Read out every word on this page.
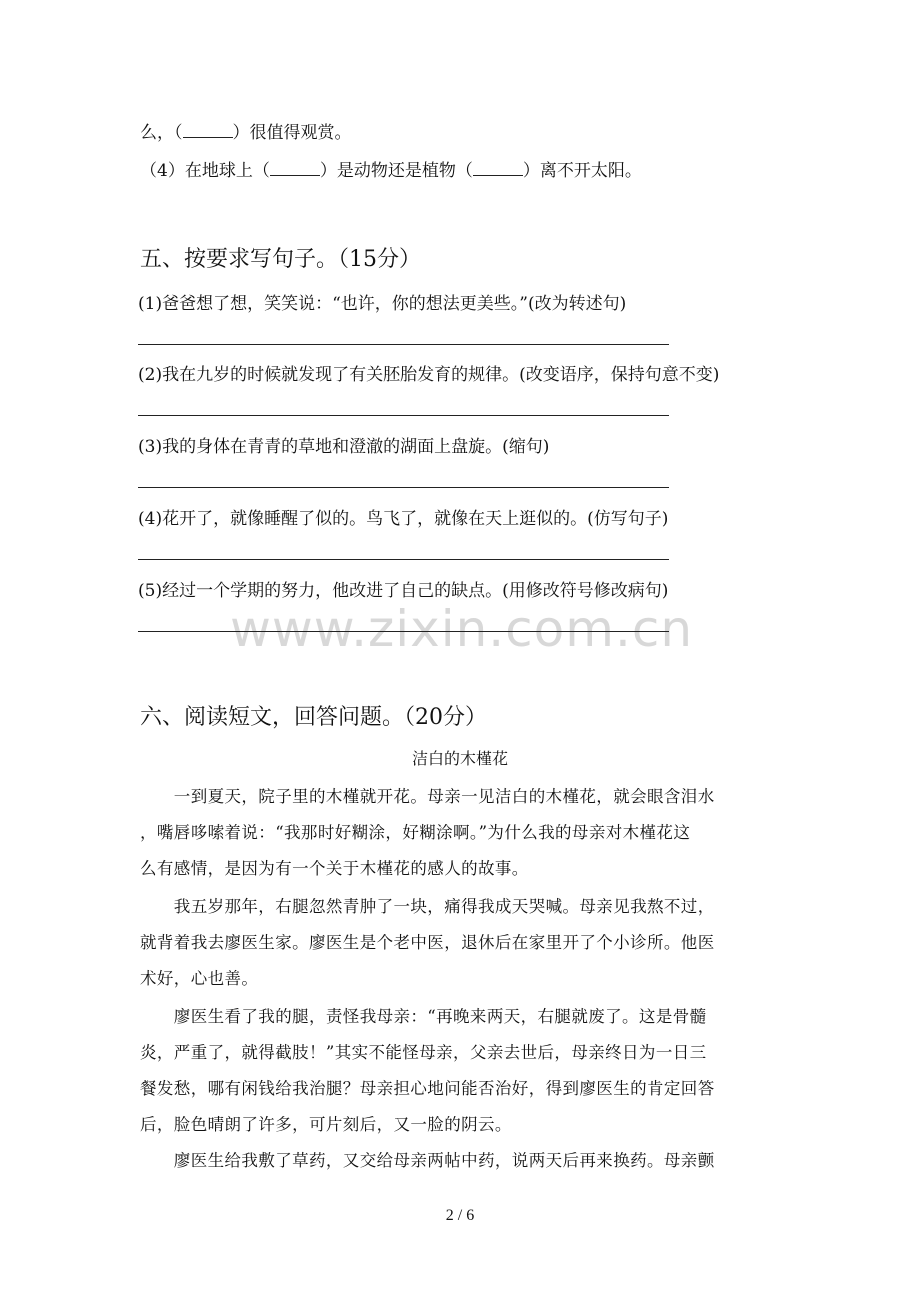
么，（	）很值得观赏。
（4）在地球上（	）是动物还是植物（	）离不开太阳。
五、按要求写句子。（15分）
(1)爸爸想了想，笑笑说：“也许，你的想法更美些。”(改为转述句)
(2)我在九岁的时候就发现了有关胚胎发育的规律。(改变语序，保持句意不变)
(3)我的身体在青青的草地和澄澈的湖面上盘旋。(缩句)
(4)花开了，就像睡醒了似的。鸟飞了，就像在天上逛似的。(仿写句子)
(5)经过一个学期的努力，他改进了自己的缺点。(用修改符号修改病句)
www.zixin.com.cn
六、阅读短文，回答问题。（20分）
洁白的木槿花
　　一到夏天，院子里的木槿就开花。母亲一见洁白的木槿花，就会眼含泪水
，嘴唇哆嗦着说：“我那时好糊涂，好糊涂啊。”为什么我的母亲对木槿花这
么有感情，是因为有一个关于木槿花的感人的故事。
　　我五岁那年，右腿忽然青肿了一块，痛得我成天哭喊。母亲见我熬不过，
就背着我去廖医生家。廖医生是个老中医，退休后在家里开了个小诊所。他医
术好，心也善。
　　廖医生看了我的腿，责怪我母亲：“再晚来两天，右腿就废了。这是骨髓
炎，严重了，就得截肢！”其实不能怪母亲，父亲去世后，母亲终日为一日三
餐发愁，哪有闲钱给我治腿？母亲担心地问能否治好，得到廖医生的肯定回答
后，脸色晴朗了许多，可片刻后，又一脸的阴云。
　　廖医生给我敷了草药，又交给母亲两帖中药，说两天后再来换药。母亲颤
2 / 6
